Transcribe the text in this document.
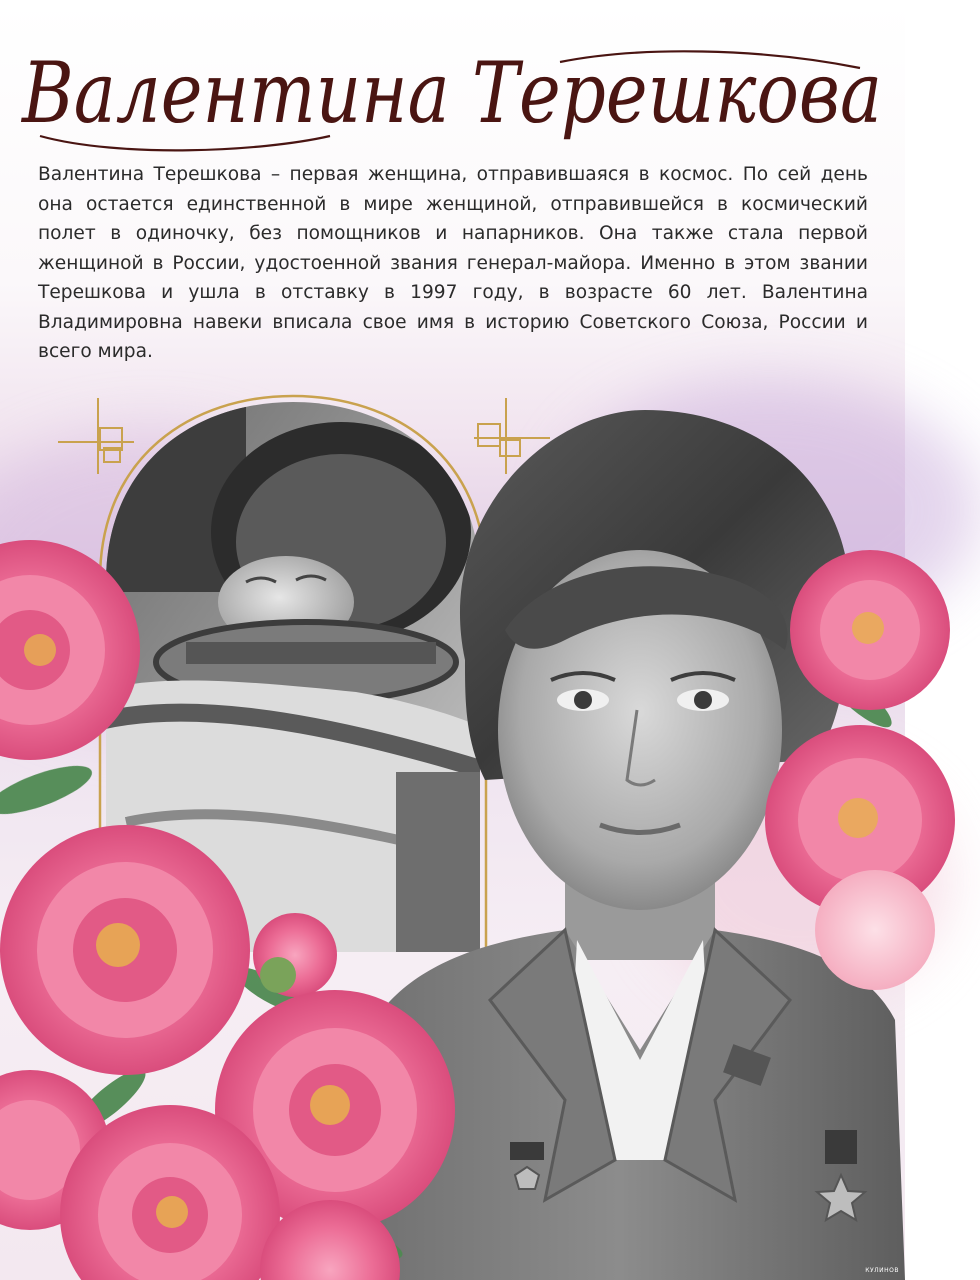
Валентина Терешкова

Валентина Терешкова – первая женщина, отправившаяся в космос. По сей день она остается единственной в мире женщиной, отправившейся в космический полет в одиночку, без помощников и напарников. Она также стала первой женщиной в России, удостоенной звания генерал-майора. Именно в этом звании Терешкова и ушла в отставку в 1997 году, в возрасте 60 лет. Валентина Владимировна навеки вписала свое имя в историю Советского Союза, России и всего мира.

КУЛИНОВ
